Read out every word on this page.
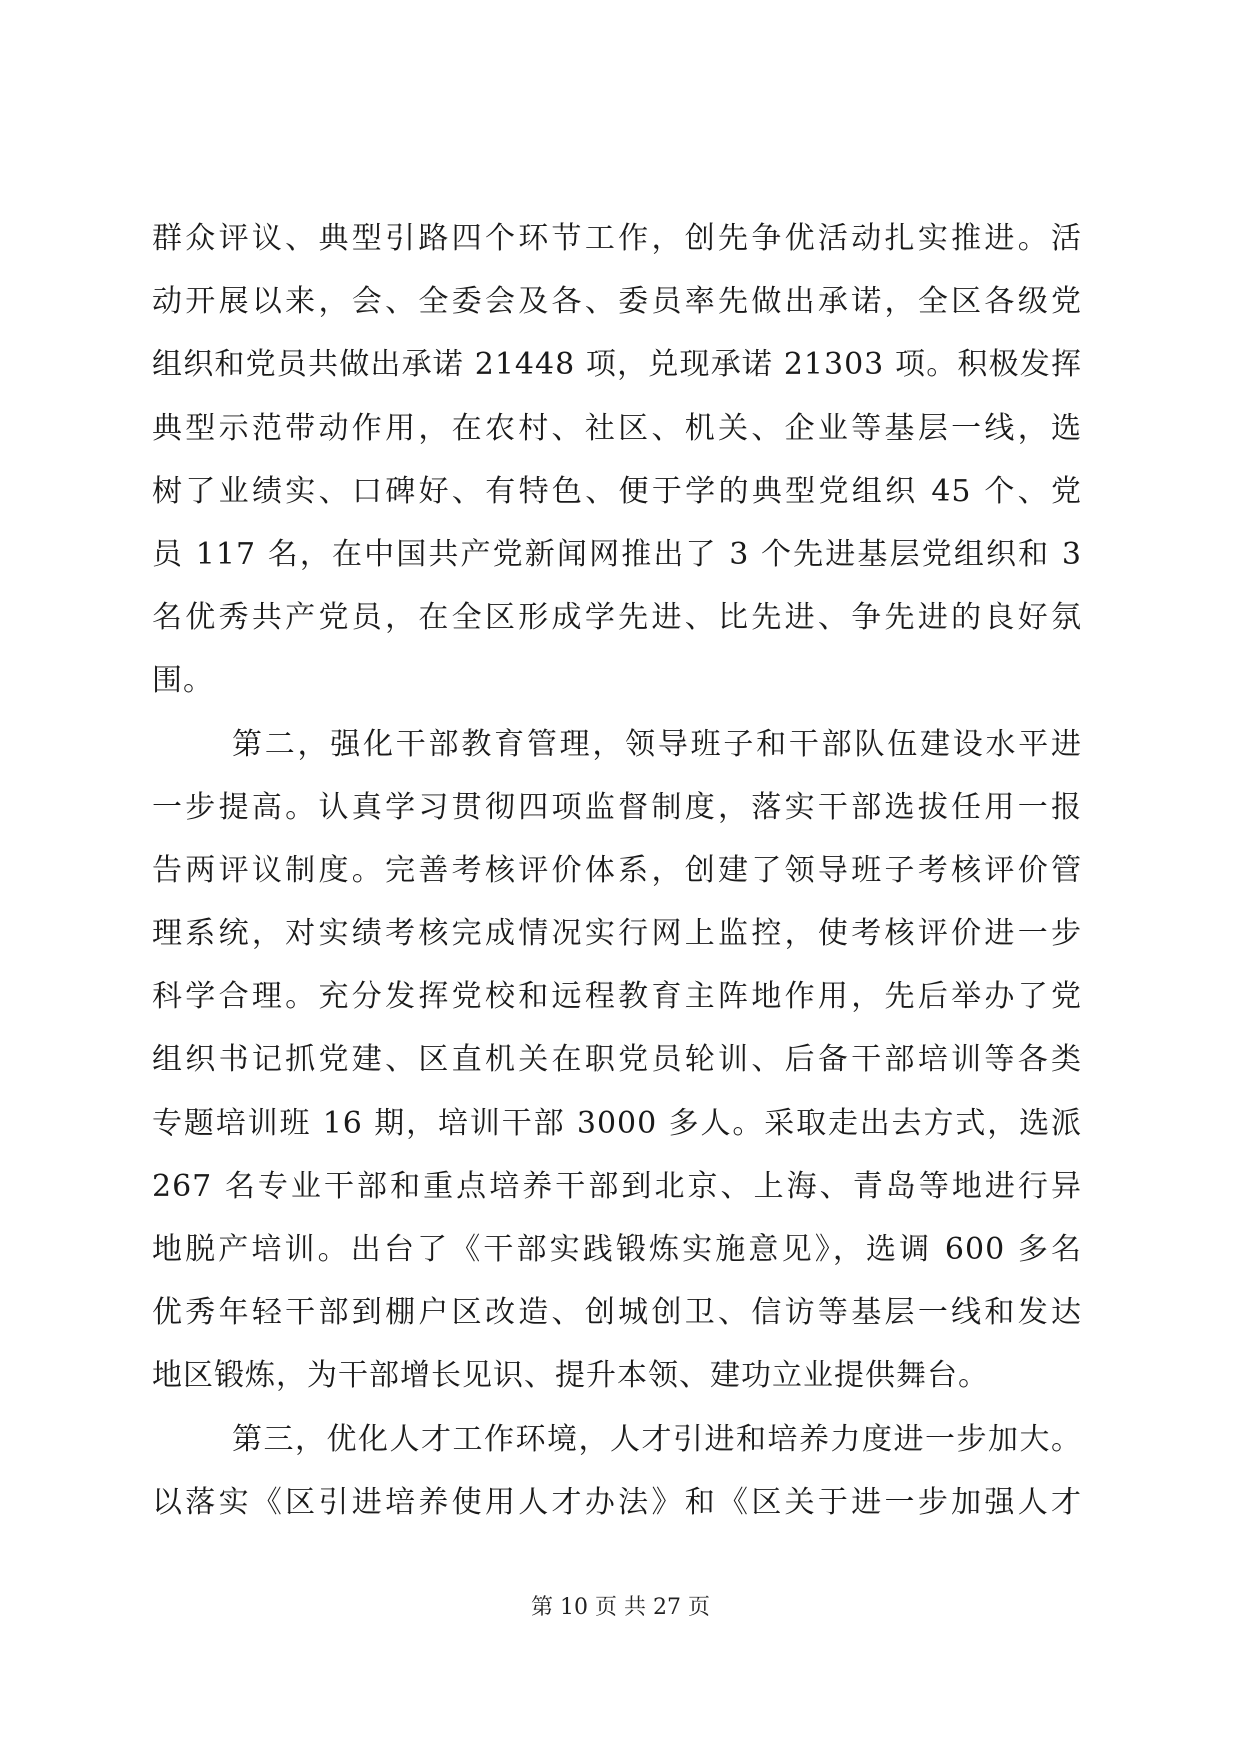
群众评议、典型引路四个环节工作，创先争优活动扎实推进。活
动开展以来，会、全委会及各、委员率先做出承诺，全区各级党
组织和党员共做出承诺 21448 项，兑现承诺 21303 项。积极发挥
典型示范带动作用，在农村、社区、机关、企业等基层一线，选
树了业绩实、口碑好、有特色、便于学的典型党组织 45 个、党
员 117 名，在中国共产党新闻网推出了 3 个先进基层党组织和 3
名优秀共产党员，在全区形成学先进、比先进、争先进的良好氛
围。
第二，强化干部教育管理，领导班子和干部队伍建设水平进
一步提高。认真学习贯彻四项监督制度，落实干部选拔任用一报
告两评议制度。完善考核评价体系，创建了领导班子考核评价管
理系统，对实绩考核完成情况实行网上监控，使考核评价进一步
科学合理。充分发挥党校和远程教育主阵地作用，先后举办了党
组织书记抓党建、区直机关在职党员轮训、后备干部培训等各类
专题培训班 16 期，培训干部 3000 多人。采取走出去方式，选派
267 名专业干部和重点培养干部到北京、上海、青岛等地进行异
地脱产培训。出台了《干部实践锻炼实施意见》，选调 600 多名
优秀年轻干部到棚户区改造、创城创卫、信访等基层一线和发达
地区锻炼，为干部增长见识、提升本领、建功立业提供舞台。
第三，优化人才工作环境，人才引进和培养力度进一步加大。
以落实《区引进培养使用人才办法》和《区关于进一步加强人才
第 10 页 共 27 页
